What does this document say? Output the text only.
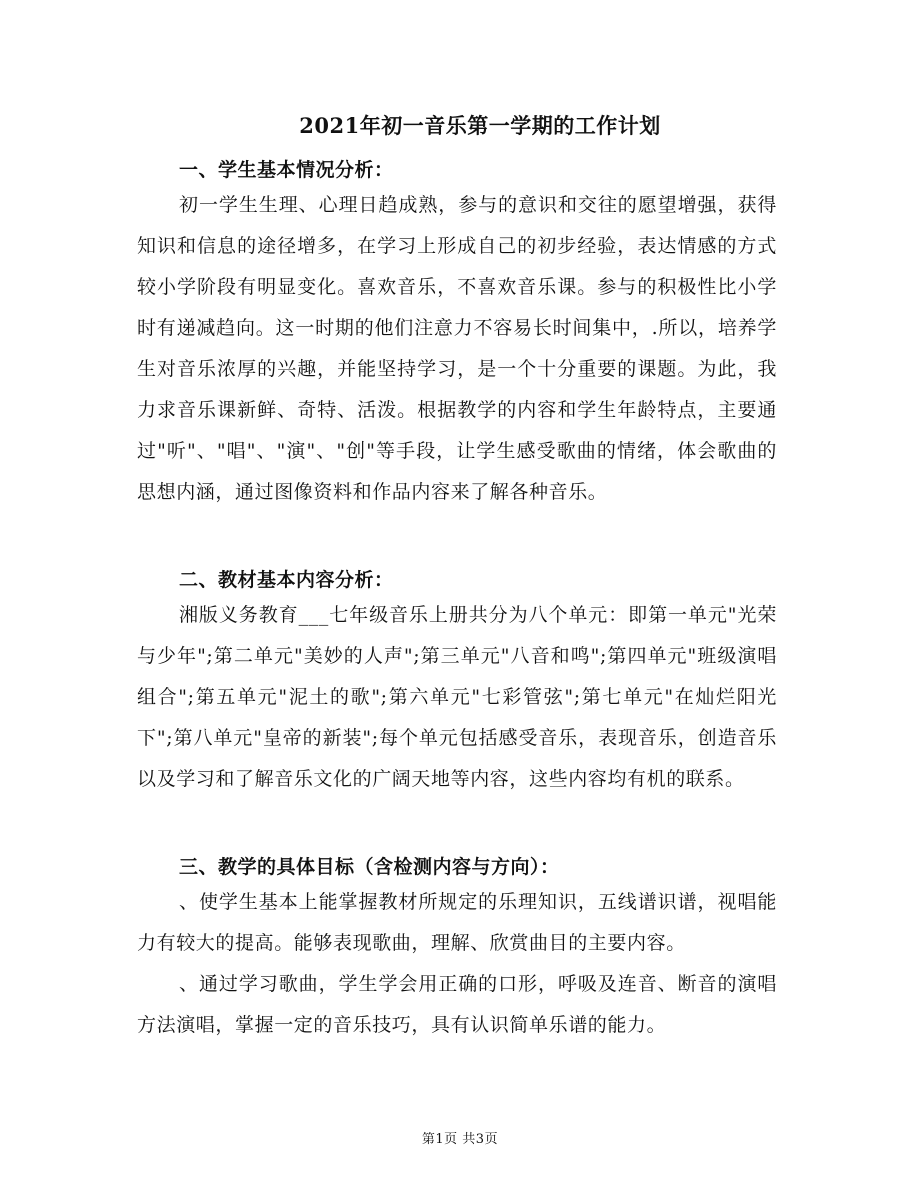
2021年初一音乐第一学期的工作计划
一、学生基本情况分析：
初一学生生理、心理日趋成熟，参与的意识和交往的愿望增强，获得知识和信息的途径增多，在学习上形成自己的初步经验，表达情感的方式较小学阶段有明显变化。喜欢音乐，不喜欢音乐课。参与的积极性比小学时有递减趋向。这一时期的他们注意力不容易长时间集中，.所以，培养学生对音乐浓厚的兴趣，并能坚持学习，是一个十分重要的课题。为此，我力求音乐课新鲜、奇特、活泼。根据教学的内容和学生年龄特点，主要通过"听"、"唱"、"演"、"创"等手段，让学生感受歌曲的情绪，体会歌曲的思想内涵，通过图像资料和作品内容来了解各种音乐。
二、教材基本内容分析：
湘版义务教育___七年级音乐上册共分为八个单元：即第一单元"光荣与少年";第二单元"美妙的人声";第三单元"八音和鸣";第四单元"班级演唱组合";第五单元"泥土的歌";第六单元"七彩管弦";第七单元"在灿烂阳光下";第八单元"皇帝的新装";每个单元包括感受音乐，表现音乐，创造音乐以及学习和了解音乐文化的广阔天地等内容，这些内容均有机的联系。
三、教学的具体目标（含检测内容与方向）：
、使学生基本上能掌握教材所规定的乐理知识，五线谱识谱，视唱能力有较大的提高。能够表现歌曲，理解、欣赏曲目的主要内容。
、通过学习歌曲，学生学会用正确的口形，呼吸及连音、断音的演唱方法演唱，掌握一定的音乐技巧，具有认识简单乐谱的能力。
第1页 共3页
